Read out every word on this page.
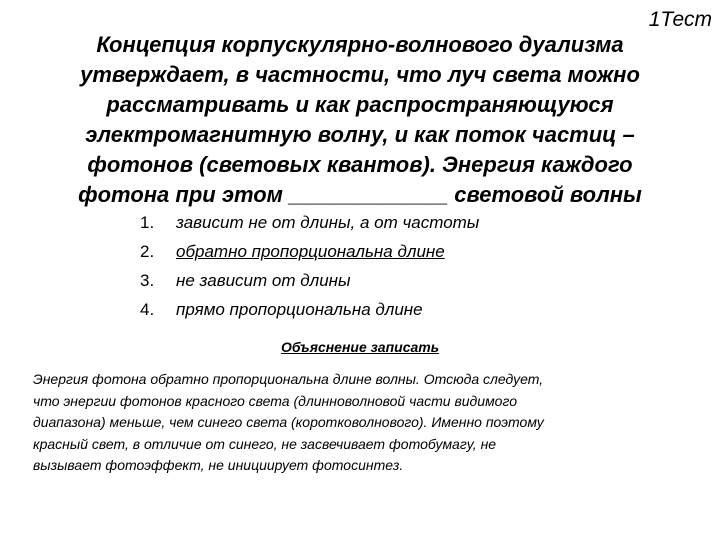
1Тест
Концепция корпускулярно-волнового дуализма
утверждает, в частности, что луч света можно
рассматривать и как распространяющуюся
электромагнитную волну, и как поток частиц –
фотонов (световых квантов). Энергия каждого
фотона при этом _____________ световой волны
1. зависит не от длины, а от частоты
2. обратно пропорциональна длине
3. не зависит от длины
4. прямо пропорциональна длине
Объяснение записать
Энергия фотона обратно пропорциональна длине волны. Отсюда следует,
что энергии фотонов красного света (длинноволновой части видимого
диапазона) меньше, чем синего света (коротковолнового). Именно поэтому
красный свет, в отличие от синего, не засвечивает фотобумагу, не
вызывает фотоэффект, не инициирует фотосинтез.
